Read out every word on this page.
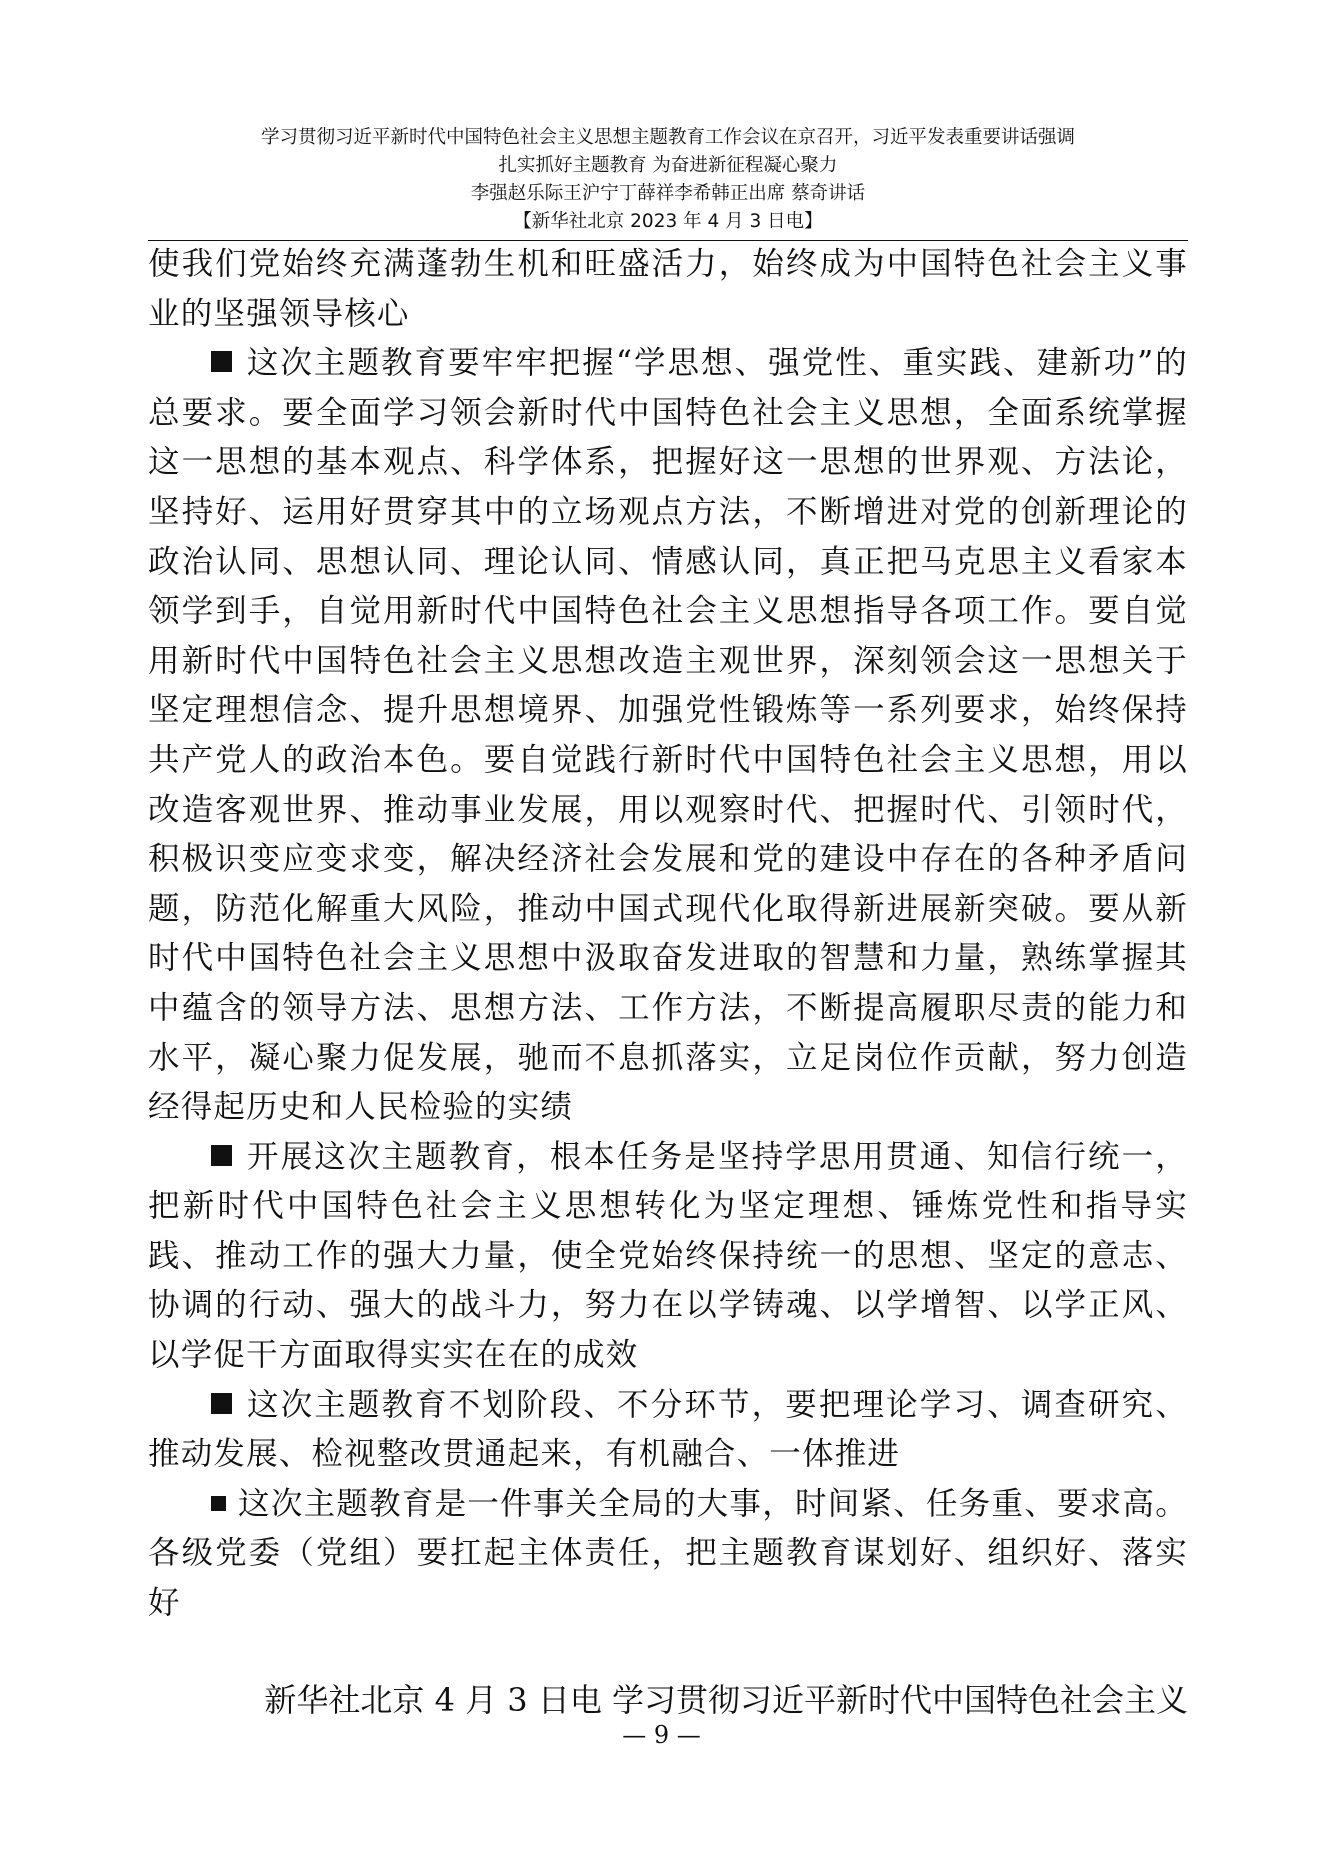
学习贯彻习近平新时代中国特色社会主义思想主题教育工作会议在京召开，习近平发表重要讲话强调
扎实抓好主题教育 为奋进新征程凝心聚力
李强赵乐际王沪宁丁薛祥李希韩正出席 蔡奇讲话
【新华社北京 2023 年 4 月 3 日电】

使我们党始终充满蓬勃生机和旺盛活力，始终成为中国特色社会主义事业的坚强领导核心

这次主题教育要牢牢把握“学思想、强党性、重实践、建新功”的总要求。要全面学习领会新时代中国特色社会主义思想，全面系统掌握这一思想的基本观点、科学体系，把握好这一思想的世界观、方法论，坚持好、运用好贯穿其中的立场观点方法，不断增进对党的创新理论的政治认同、思想认同、理论认同、情感认同，真正把马克思主义看家本领学到手，自觉用新时代中国特色社会主义思想指导各项工作。要自觉用新时代中国特色社会主义思想改造主观世界，深刻领会这一思想关于坚定理想信念、提升思想境界、加强党性锻炼等一系列要求，始终保持共产党人的政治本色。要自觉践行新时代中国特色社会主义思想，用以改造客观世界、推动事业发展，用以观察时代、把握时代、引领时代，积极识变应变求变，解决经济社会发展和党的建设中存在的各种矛盾问题，防范化解重大风险，推动中国式现代化取得新进展新突破。要从新时代中国特色社会主义思想中汲取奋发进取的智慧和力量，熟练掌握其中蕴含的领导方法、思想方法、工作方法，不断提高履职尽责的能力和水平，凝心聚力促发展，驰而不息抓落实，立足岗位作贡献，努力创造经得起历史和人民检验的实绩

开展这次主题教育，根本任务是坚持学思用贯通、知信行统一，把新时代中国特色社会主义思想转化为坚定理想、锤炼党性和指导实践、推动工作的强大力量，使全党始终保持统一的思想、坚定的意志、协调的行动、强大的战斗力，努力在以学铸魂、以学增智、以学正风、以学促干方面取得实实在在的成效

这次主题教育不划阶段、不分环节，要把理论学习、调查研究、推动发展、检视整改贯通起来，有机融合、一体推进

这次主题教育是一件事关全局的大事，时间紧、任务重、要求高。各级党委（党组）要扛起主体责任，把主题教育谋划好、组织好、落实好

新华社北京 4 月 3 日电 学习贯彻习近平新时代中国特色社会主义
— 9 —
